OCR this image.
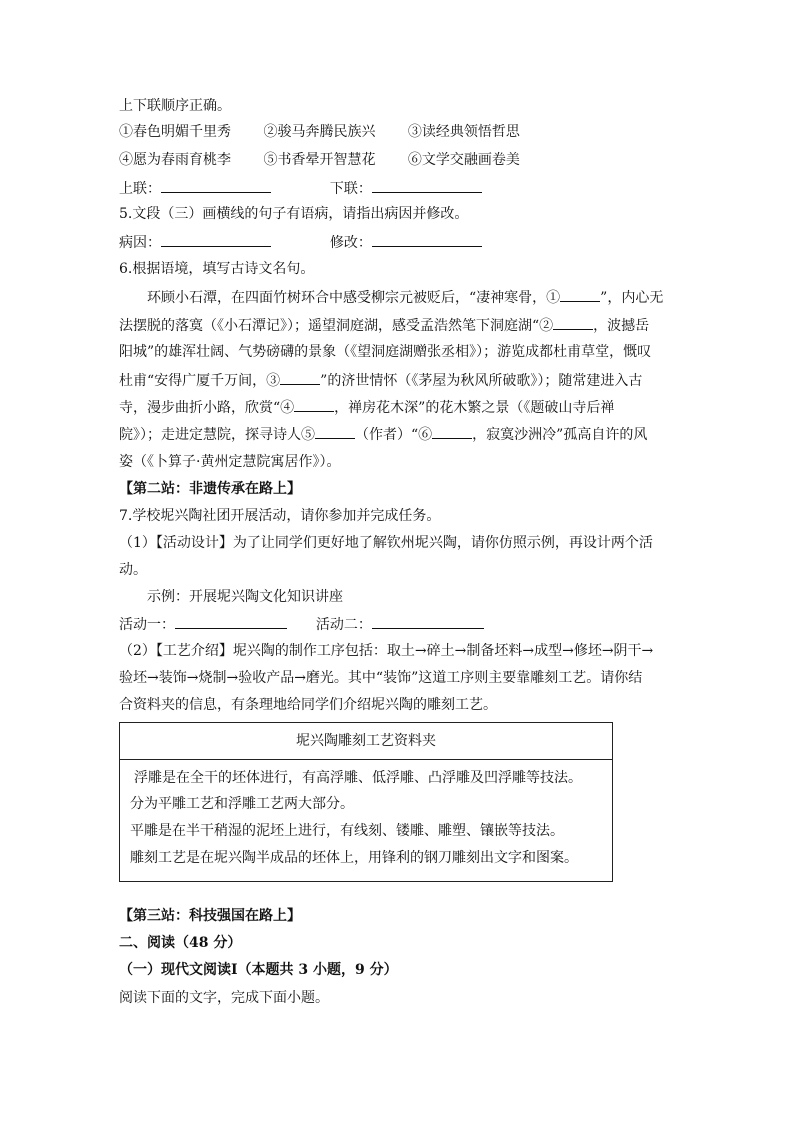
上下联顺序正确。
①春色明媚千里秀 ②骏马奔腾民族兴 ③读经典领悟哲思
④愿为春雨育桃李 ⑤书香晕开智慧花 ⑥文学交融画卷美
上联：	下联：
5.文段（三）画横线的句子有语病，请指出病因并修改。
病因：	修改：
6.根据语境，填写古诗文名句。
环顾小石潭，在四面竹树环合中感受柳宗元被贬后，“凄神寒骨，①	”，内心无
法摆脱的落寞（《小石潭记》）；遥望洞庭湖，感受孟浩然笔下洞庭湖“②	，波撼岳
阳城”的雄浑壮阔、气势磅礴的景象（《望洞庭湖赠张丞相》）；游览成都杜甫草堂，慨叹
杜甫“安得广厦千万间，③	”的济世情怀（《茅屋为秋风所破歌》）；随常建进入古
寺，漫步曲折小路，欣赏“④	，禅房花木深”的花木繁之景（《题破山寺后禅
院》）；走进定慧院，探寻诗人⑤	（作者）“⑥	，寂寞沙洲冷”孤高自许的风
姿（《卜算子·黄州定慧院寓居作》）。
【第二站：非遗传承在路上】
7.学校坭兴陶社团开展活动，请你参加并完成任务。
（1）【活动设计】为了让同学们更好地了解钦州坭兴陶，请你仿照示例，再设计两个活
动。
示例：开展坭兴陶文化知识讲座
活动一：	活动二：
（2）【工艺介绍】坭兴陶的制作工序包括：取土→碎土→制备坯料→成型→修坯→阴干→
验坯→装饰→烧制→验收产品→磨光。其中“装饰”这道工序则主要靠雕刻工艺。请你结
合资料夹的信息，有条理地给同学们介绍坭兴陶的雕刻工艺。
坭兴陶雕刻工艺资料夹
浮雕是在全干的坯体进行，有高浮雕、低浮雕、凸浮雕及凹浮雕等技法。
分为平雕工艺和浮雕工艺两大部分。
平雕是在半干稍湿的泥坯上进行，有线刻、镂雕、雕塑、镶嵌等技法。
雕刻工艺是在坭兴陶半成品的坯体上，用锋利的钢刀雕刻出文字和图案。
【第三站：科技强国在路上】
二、阅读（48 分）
（一）现代文阅读Ⅰ（本题共 3 小题，9 分）
阅读下面的文字，完成下面小题。
